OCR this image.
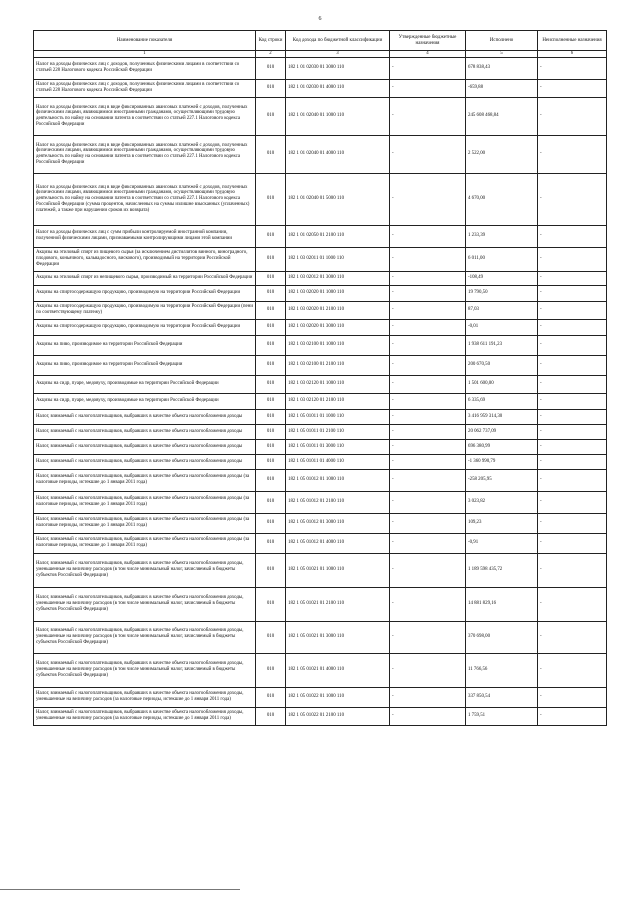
6
Наименование показателя	Код строки	Код дохода по бюджетной классификации	Утвержденные бюджетные назначения	Исполнено	Неисполненные назначения
1	2	3	4	5	6
Налог на доходы физических лиц с доходов, полученных физическими лицами в соответствии со статьей 228 Налогового кодекса Российской Федерации	010	182 1 01 02030 01 3000 110	-	678 838,43	-
Налог на доходы физических лиц с доходов, полученных физическими лицами в соответствии со статьей 228 Налогового кодекса Российской Федерации	010	182 1 01 02030 01 4000 110	-	-659,88	-
Налог на доходы физических лиц в виде фиксированных авансовых платежей с доходов, полученных физическими лицами, являющимися иностранными гражданами, осуществляющими трудовую деятельность по найму на основании патента в соответствии со статьей 227.1 Налогового кодекса Российской Федерации	010	182 1 01 02040 01 1000 110	-	245 608 468,84	-
Налог на доходы физических лиц в виде фиксированных авансовых платежей с доходов, полученных физическими лицами, являющимися иностранными гражданами, осуществляющими трудовую деятельность по найму на основании патента в соответствии со статьей 227.1 Налогового кодекса Российской Федерации	010	182 1 01 02040 01 4000 110	-	2 522,00	-
Налог на доходы физических лиц в виде фиксированных авансовых платежей с доходов, полученных физическими лицами, являющимися иностранными гражданами, осуществляющими трудовую деятельность по найму на основании патента в соответствии со статьей 227.1 Налогового кодекса Российской Федерации (сумма процентов, начисленных на суммы излишне взысканных (уплаченных) платежей, а также при нарушении сроков их возврата)	010	182 1 01 02040 01 5000 110	-	4 670,00	-
Налог на доходы физических лиц с сумм прибыли контролируемой иностранной компании, полученной физическими лицами, признаваемыми контролирующими лицами этой компании	010	182 1 01 02050 01 2100 110	-	1 233,39	-
Акцизы на этиловый спирт из пищевого сырья (за исключением дистиллятов винного, виноградного, плодового, коньячного, кальвадосного, вискового), производимый на территории Российской Федерации	010	182 1 03 02011 01 1000 110	-	6 011,00	-
Акцизы на этиловый спирт из непищевого сырья, производимый на территории Российской Федерации	010	182 1 03 02012 01 3000 110	-	-108,49	-
Акцизы на спиртосодержащую продукцию, производимую на территории Российской Федерации	010	182 1 03 02020 01 1000 110	-	19 790,50	-
Акцизы на спиртосодержащую продукцию, производимую на территории Российской Федерации (пени по соответствующему платежу)	010	182 1 03 02020 01 2100 110	-	87,03	-
Акцизы на спиртосодержащую продукцию, производимую на территории Российской Федерации	010	182 1 03 02020 01 3000 110	-	-0,01	-
Акцизы на пиво, производимое на территории Российской Федерации	010	182 1 03 02100 01 1000 110	-	1 938 611 191,23	-
Акцизы на пиво, производимое на территории Российской Федерации	010	182 1 03 02100 01 2100 110	-	200 670,50	-
Акцизы на сидр, пуаре, медовуху, производимые на территории Российской Федерации	010	182 1 03 02120 01 1000 110	-	1 501 600,00	-
Акцизы на сидр, пуаре, медовуху, производимые на территории Российской Федерации	010	182 1 03 02120 01 2100 110	-	6 335,69	-
Налог, взимаемый с налогоплательщиков, выбравших в качестве объекта налогообложения доходы	010	182 1 05 01011 01 1000 110	-	3 416 959 314,30	-
Налог, взимаемый с налогоплательщиков, выбравших в качестве объекта налогообложения доходы	010	182 1 05 01011 01 2100 110	-	20 062 737,09	-
Налог, взимаемый с налогоплательщиков, выбравших в качестве объекта налогообложения доходы	010	182 1 05 01011 01 3000 110	-	696 380,99	-
Налог, взимаемый с налогоплательщиков, выбравших в качестве объекта налогообложения доходы	010	182 1 05 01011 01 4000 110	-	-1 360 990,79	-
Налог, взимаемый с налогоплательщиков, выбравших в качестве объекта налогообложения доходы (за налоговые периоды, истекшие до 1 января 2011 года)	010	182 1 05 01012 01 1000 110	-	-258 205,95	-
Налог, взимаемый с налогоплательщиков, выбравших в качестве объекта налогообложения доходы (за налоговые периоды, истекшие до 1 января 2011 года)	010	182 1 05 01012 01 2100 110	-	3 023,82	-
Налог, взимаемый с налогоплательщиков, выбравших в качестве объекта налогообложения доходы (за налоговые периоды, истекшие до 1 января 2011 года)	010	182 1 05 01012 01 3000 110	-	109,23	-
Налог, взимаемый с налогоплательщиков, выбравших в качестве объекта налогообложения доходы (за налоговые периоды, истекшие до 1 января 2011 года)	010	182 1 05 01012 01 4000 110	-	-0,91	-
Налог, взимаемый с налогоплательщиков, выбравших в качестве объекта налогообложения доходы, уменьшенные на величину расходов (в том числе минимальный налог, зачисляемый в бюджеты субъектов Российской Федерации)	010	182 1 05 01021 01 1000 110	-	1 189 598 435,72	-
Налог, взимаемый с налогоплательщиков, выбравших в качестве объекта налогообложения доходы, уменьшенные на величину расходов (в том числе минимальный налог, зачисляемый в бюджеты субъектов Российской Федерации)	010	182 1 05 01021 01 2100 110	-	14 881 829,16	-
Налог, взимаемый с налогоплательщиков, выбравших в качестве объекта налогообложения доходы, уменьшенные на величину расходов (в том числе минимальный налог, зачисляемый в бюджеты субъектов Российской Федерации)	010	182 1 05 01021 01 3000 110	-	370 698,00	-
Налог, взимаемый с налогоплательщиков, выбравших в качестве объекта налогообложения доходы, уменьшенные на величину расходов (в том числе минимальный налог, зачисляемый в бюджеты субъектов Российской Федерации)	010	182 1 05 01021 01 4000 110	-	11 766,56	-
Налог, взимаемый с налогоплательщиков, выбравших в качестве объекта налогообложения доходы, уменьшенные на величину расходов (за налоговые периоды, истекшие до 1 января 2011 года)	010	182 1 05 01022 01 1000 110	-	337 850,54	-
Налог, взимаемый с налогоплательщиков, выбравших в качестве объекта налогообложения доходы, уменьшенные на величину расходов (за налоговые периоды, истекшие до 1 января 2011 года)	010	182 1 05 01022 01 2100 110	-	1 759,51	-
